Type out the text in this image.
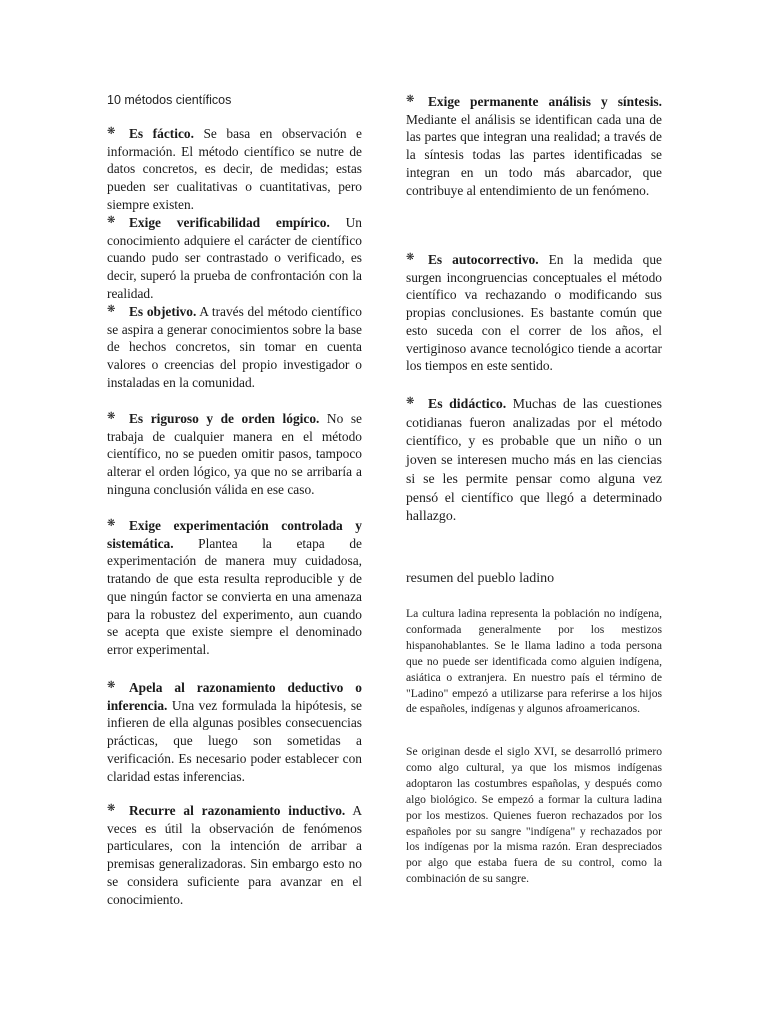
10 métodos científicos
❋ Es fáctico. Se basa en observación e información. El método científico se nutre de datos concretos, es decir, de medidas; estas pueden ser cualitativas o cuantitativas, pero siempre existen.
❋ Exige verificabilidad empírico. Un conocimiento adquiere el carácter de científico cuando pudo ser contrastado o verificado, es decir, superó la prueba de confrontación con la realidad.
❋ Es objetivo. A través del método científico se aspira a generar conocimientos sobre la base de hechos concretos, sin tomar en cuenta valores o creencias del propio investigador o instaladas en la comunidad.
❋ Es riguroso y de orden lógico. No se trabaja de cualquier manera en el método científico, no se pueden omitir pasos, tampoco alterar el orden lógico, ya que no se arribaría a ninguna conclusión válida en ese caso.
❋ Exige experimentación controlada y sistemática. Plantea la etapa de experimentación de manera muy cuidadosa, tratando de que esta resulta reproducible y de que ningún factor se convierta en una amenaza para la robustez del experimento, aun cuando se acepta que existe siempre el denominado error experimental.
❋ Apela al razonamiento deductivo o inferencia. Una vez formulada la hipótesis, se infieren de ella algunas posibles consecuencias prácticas, que luego son sometidas a verificación. Es necesario poder establecer con claridad estas inferencias.
❋ Recurre al razonamiento inductivo. A veces es útil la observación de fenómenos particulares, con la intención de arribar a premisas generalizadoras. Sin embargo esto no se considera suficiente para avanzar en el conocimiento.
❋ Exige permanente análisis y síntesis. Mediante el análisis se identifican cada una de las partes que integran una realidad; a través de la síntesis todas las partes identificadas se integran en un todo más abarcador, que contribuye al entendimiento de un fenómeno.
❋ Es autocorrectivo. En la medida que surgen incongruencias conceptuales el método científico va rechazando o modificando sus propias conclusiones. Es bastante común que esto suceda con el correr de los años, el vertiginoso avance tecnológico tiende a acortar los tiempos en este sentido.
❋ Es didáctico. Muchas de las cuestiones cotidianas fueron analizadas por el método científico, y es probable que un niño o un joven se interesen mucho más en las ciencias si se les permite pensar como alguna vez pensó el científico que llegó a determinado hallazgo.
resumen del pueblo ladino
La cultura ladina representa la población no indígena, conformada generalmente por los mestizos hispanohablantes. Se le llama ladino a toda persona que no puede ser identificada como alguien indígena, asiática o extranjera. En nuestro país el término de "Ladino" empezó a utilizarse para referirse a los hijos de españoles, indígenas y algunos afroamericanos.
Se originan desde el siglo XVI, se desarrolló primero como algo cultural, ya que los mismos indígenas adoptaron las costumbres españolas, y después como algo biológico. Se empezó a formar la cultura ladina por los mestizos. Quienes fueron rechazados por los españoles por su sangre "indígena" y rechazados por los indígenas por la misma razón. Eran despreciados por algo que estaba fuera de su control, como la combinación de su sangre.
